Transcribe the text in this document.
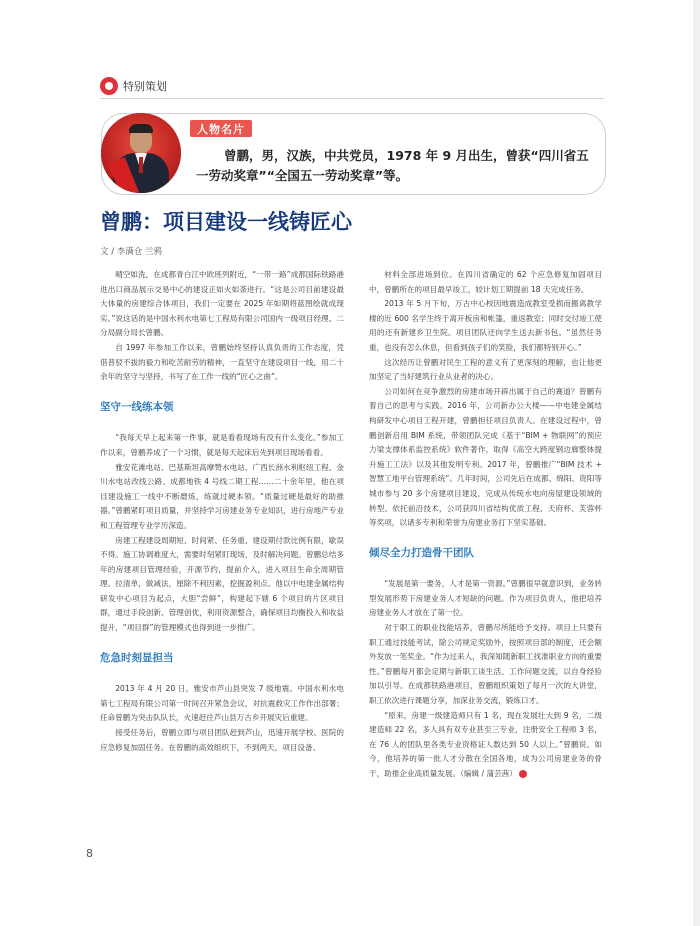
特别策划
人物名片
曾鹏，男，汉族，中共党员，1978 年 9 月出生，曾获“四川省五一劳动奖章”“全国五一劳动奖章”等。
曾鹏：项目建设一线铸匠心
文 / 李满仓 兰鸦

晴空如洗，在成都青白江中欧班列附近，“一带一路”成都国际铁路港进出口商品展示交易中心的建设正如火如荼进行。“这是公司目前建设最大体量的房建综合体项目，我们一定要在 2025 年如期将蓝图绘就成现实。”说这话的是中国水利水电第七工程局有限公司国内一级项目经理、二分局副分局长曾鹏。

自 1997 年参加工作以来，曾鹏始终坚持认真负责的工作态度，凭借普驳不拔的毅力和吃苦耐劳的精神，一直坚守在建设项目一线，用二十余年的坚守与坚持，书写了在工作一线的“匠心之曲”。

坚守一线练本领

“我每天早上起来第一件事，就是看看现场有没有什么变化。”参加工作以来，曾鹏养成了一个习惯，就是每天起床后先到项目现场看看。

雅安花滩电站、巴基斯坦高摩赞水电站、广西长洲水利枢纽工程、金川水电站改线公路、成都地铁 4 号线二期工程……二十余年里，他在项目建设施工一线中不断磨炼，练就过硬本领。“质量过硬是最好的助推器。”曾鹏紧盯项目质量，并坚持学习房建业务专业知识，进行房地产专业和工程管理专业学历深造。

房建工程建设周期短、时间紧、任务重、建设期付款比例有限，歇误不得。施工协调难度大，需要时刻紧盯现场，及时解决问题。曾鹏总结多年的房建项目管理经验，开源节约，提前介入，进入项目生命全周期管理。拉清单，做减法，厘除不利因素，挖掘盈利点。他以中电建金属结构研发中心项目为起点，大胆“尝鲜”，构建起下辖 6 个项目的片区项目群，通过手段创新、管理创优，利用资源整合，确保项目均衡投入和收益提升，“项目群”的管理模式也得到进一步推广。

危急时刻显担当

2013 年 4 月 20 日，雅安市芦山县突发 7 级地震。中国水利水电第七工程局有限公司第一时间召开紧急会议，对抗震救灾工作作出部署；任命曾鹏为突击队队长，火速赶往芦山县万古乡开展灾后重建。

接受任务后，曾鹏立即与项目团队赶到芦山，迅速开展学校、医院的应急修复加固任务。在曾鹏的高效组织下，不到两天，项目设备、

材料全部进场到位。在四川省确定的 62 个应急修复加固项目中，曾鹏所在的项目最早竣工，较计划工期提前 18 天完成任务。

2013 年 5 月下旬，万古中心校因地震造成教室受损而搬离教学楼的近 600 名学生终于离开板房和帐篷，重返教室；同时交付竣工使用的还有新建乡卫生院。项目团队还向学生送去新书包。“虽然任务重，也没有怎么休息，但看到孩子们的笑脸，我们都特别开心。”

这次经历让曾鹏对民生工程的意义有了更深刻的理解，也让他更加坚定了当好建筑行业从业者的决心。

公司如何在竞争激烈的房建市场开辟出属于自己的赛道？曾鹏有着自己的思考与实践。2016 年，公司新办公大楼——中电建金属结构研发中心项目工程开建，曾鹏担任项目负责人。在建设过程中，曾鹏创新启用 BIM 系统，带领团队完成《基于“BIM + 物联网”的预应力梁支撑体系监控系统》软件著作，取得《高空大跨度钢边廊整体提升施工工法》以及其他发明专利。2017 年，曾鹏推广“BIM 技术 + 智慧工地平台管理系统”。几年时间，公司先后在成都、绵阳、资阳等城市参与 20 多个房建项目建设，完成从传统水电向房屋建设领域的转型。依托前沿技术，公司获四川省结构优质工程、天府杯、芙蓉杯等奖项，以诸多专利和荣誉为房建业务打下坚实基础。

倾尽全力打造骨干团队

“发展是第一要务，人才是第一资源。”曾鹏很早就意识到，业务转型发展形势下房建业务人才短缺的问题。作为项目负责人，他把培养房建业务人才放在了第一位。

对于职工的职业技能培养，曾鹏尽所能给予支持。项目上只要有职工通过技能考试，除公司规定奖励外，按照项目部的制度，还会额外发放一笔奖金。“作为过来人，我深知随新职工找准职业方向的重要性。”曾鹏每月都会定期与新职工谈生活、工作问题交流，以自身经验加以引导。在成都铁路港项目，曾鹏组织策划了每月一次的大讲堂，职工依次进行课题分享，加深业务交流，锻炼口才。

“原来，房建一级建造师只有 1 名，现在发展壮大到 9 名，二级建造师 22 名，多人具有双专业甚至三专业，注册安全工程师 3 名，在 76 人的团队里各类专业资格证人数达到 50 人以上。”曾鹏说。如今，他培养的第一批人才分散在全国各地，成为公司房建业务的骨干，助推企业高质量发展。（编辑 / 蒲芸茜）

8
